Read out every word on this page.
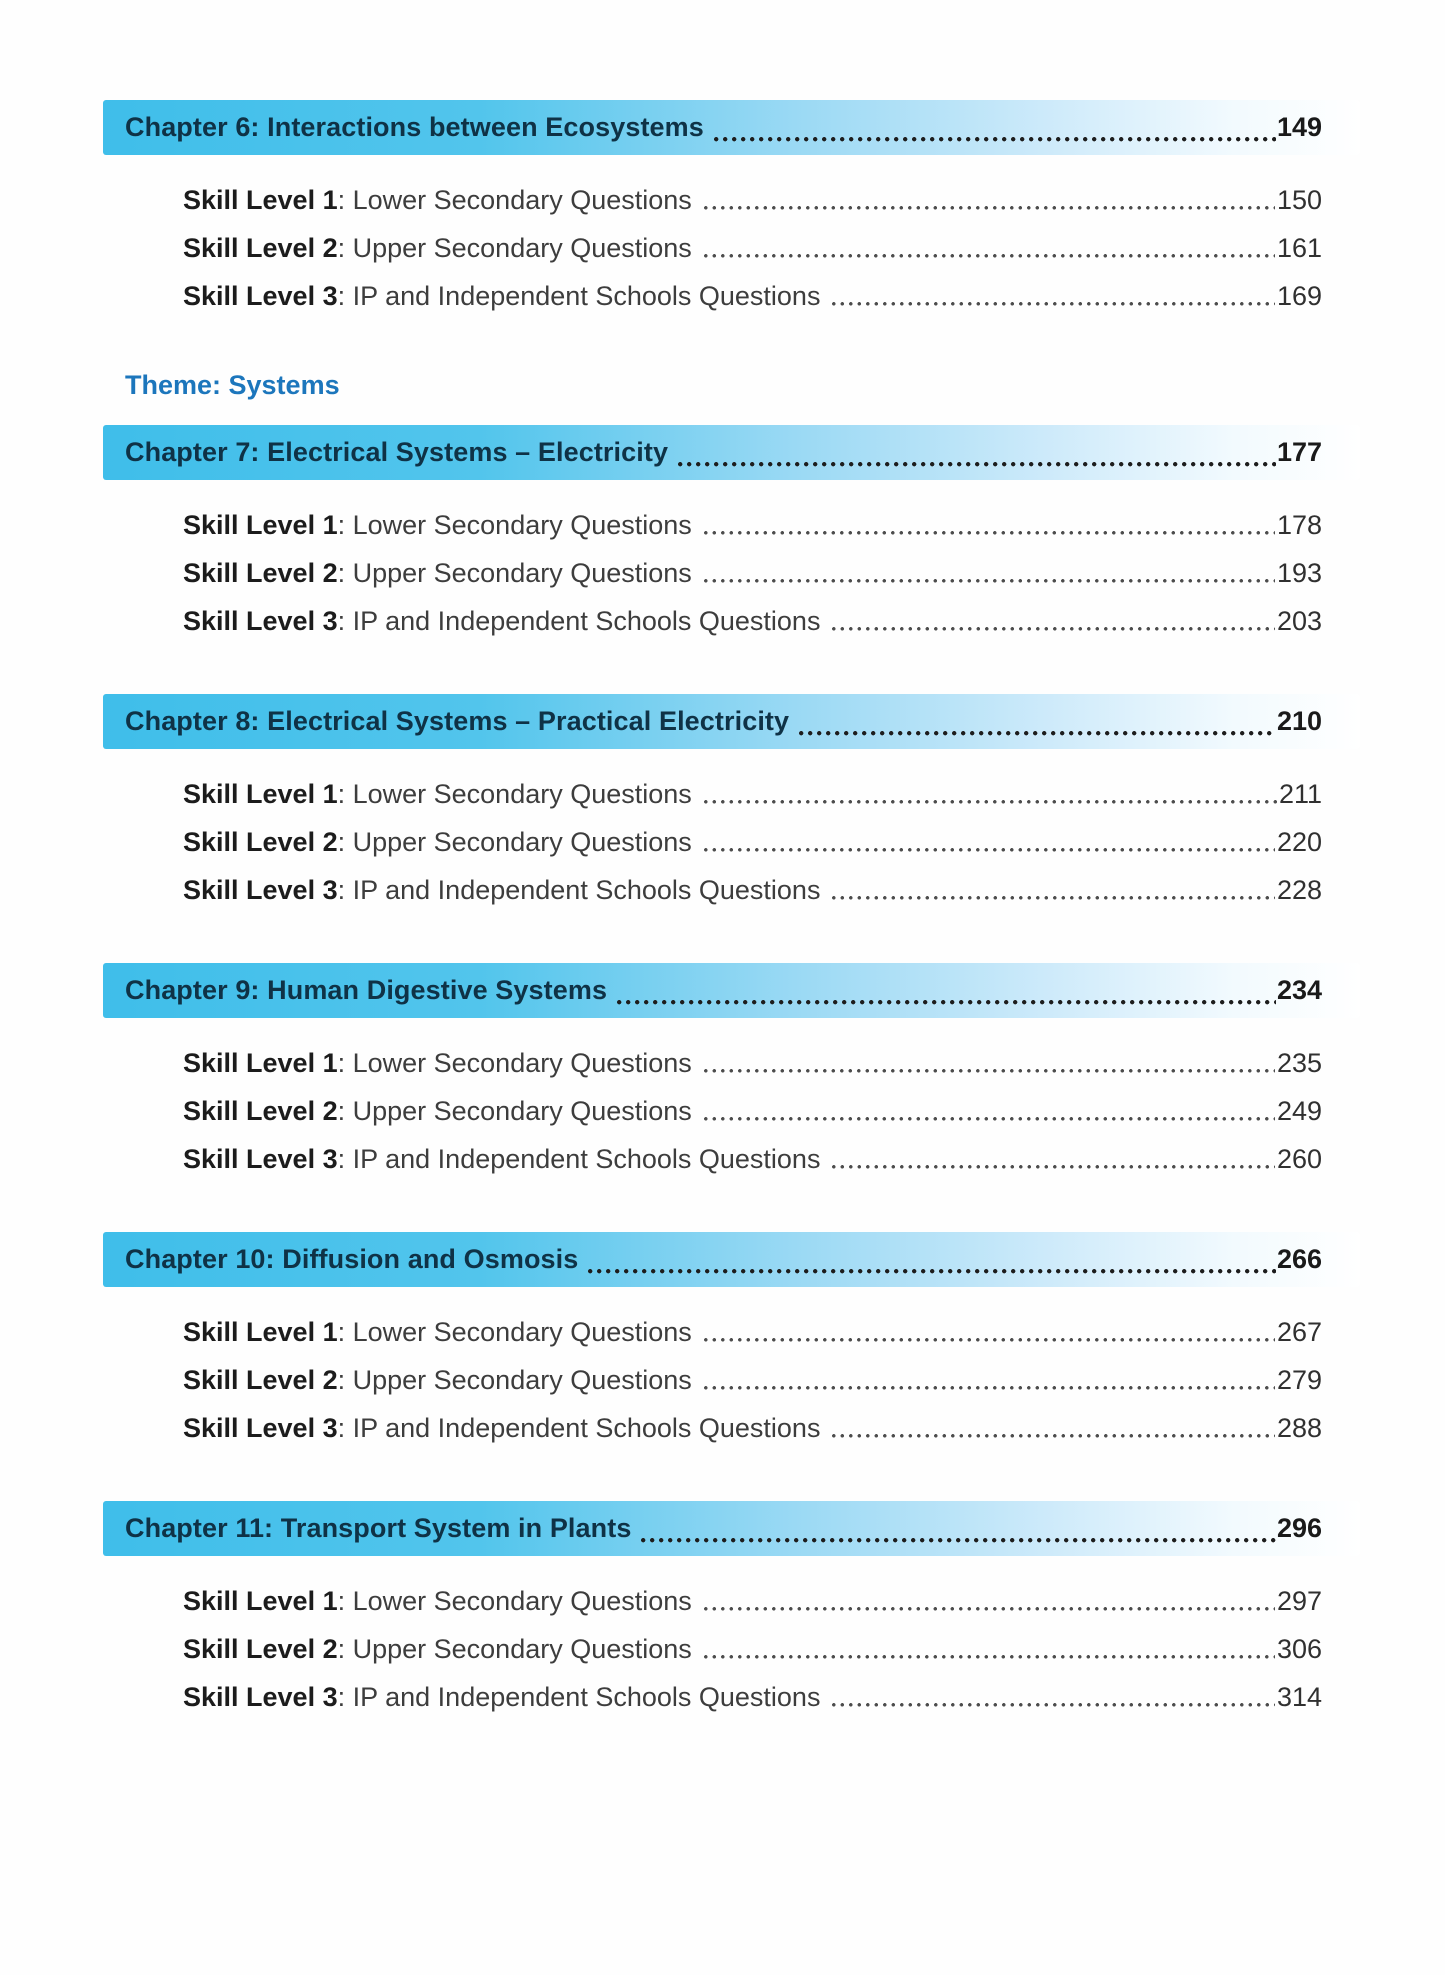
Chapter 6: Interactions between Ecosystems	149
Skill Level 1: Lower Secondary Questions	150
Skill Level 2: Upper Secondary Questions	161
Skill Level 3: IP and Independent Schools Questions	169
Theme: Systems
Chapter 7: Electrical Systems – Electricity	177
Skill Level 1: Lower Secondary Questions	178
Skill Level 2: Upper Secondary Questions	193
Skill Level 3: IP and Independent Schools Questions	203
Chapter 8: Electrical Systems – Practical Electricity	210
Skill Level 1: Lower Secondary Questions	211
Skill Level 2: Upper Secondary Questions	220
Skill Level 3: IP and Independent Schools Questions	228
Chapter 9: Human Digestive Systems	234
Skill Level 1: Lower Secondary Questions	235
Skill Level 2: Upper Secondary Questions	249
Skill Level 3: IP and Independent Schools Questions	260
Chapter 10: Diffusion and Osmosis	266
Skill Level 1: Lower Secondary Questions	267
Skill Level 2: Upper Secondary Questions	279
Skill Level 3: IP and Independent Schools Questions	288
Chapter 11: Transport System in Plants	296
Skill Level 1: Lower Secondary Questions	297
Skill Level 2: Upper Secondary Questions	306
Skill Level 3: IP and Independent Schools Questions	314
